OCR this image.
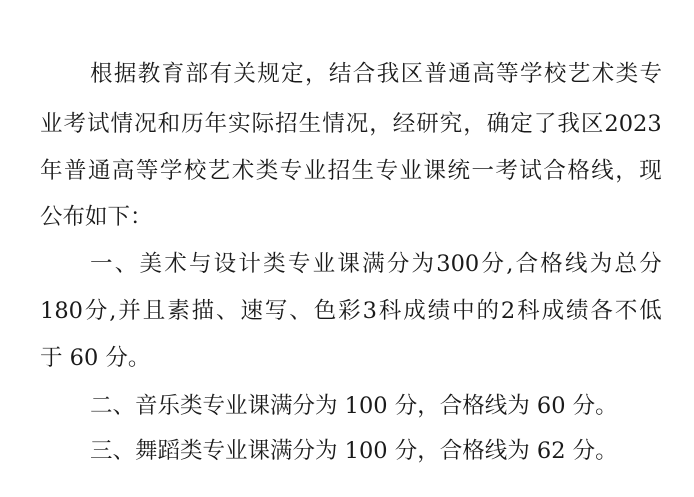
根 据 教 育 部 有 关 规 定 ， 结 合 我 区 普 通 高 等 学 校 艺 术 类 专
业 考 试 情 况 和 历 年 实 际 招 生 情 况 ， 经 研 究 ， 确 定 了 我 区 2023
年 普 通 高 等 学 校 艺 术 类 专 业 招 生 专 业 课 统 一 考 试 合 格 线 ， 现
公布如下：
一 、 美 术 与 设 计 类 专 业 课 满 分 为 300 分 , 合 格 线 为 总 分
180 分 , 并 且 素 描 、 速 写 、 色 彩 3 科 成 绩 中 的 2 科 成 绩 各 不 低
于 60 分。
二、音乐类专业课满分为 100 分，合格线为 60 分。
三、舞蹈类专业课满分为 100 分，合格线为 62 分。
